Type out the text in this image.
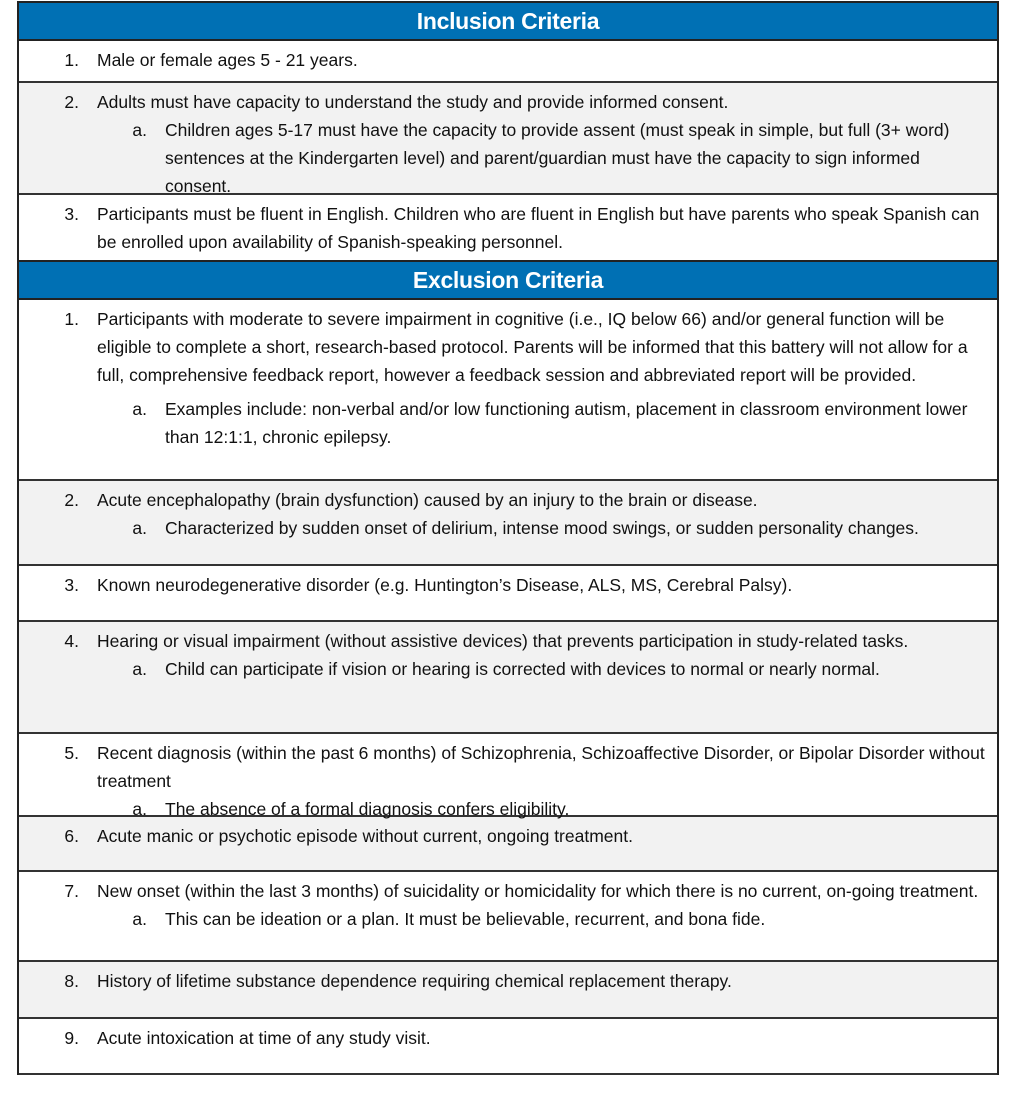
Inclusion Criteria
1.	Male or female ages 5 - 21 years.
2.	Adults must have capacity to understand the study and provide informed consent.
a.	Children ages 5-17 must have the capacity to provide assent (must speak in simple, but full (3+ word) sentences at the Kindergarten level) and parent/guardian must have the capacity to sign informed consent.
3.	Participants must be fluent in English. Children who are fluent in English but have parents who speak Spanish can be enrolled upon availability of Spanish-speaking personnel.
Exclusion Criteria
1.	Participants with moderate to severe impairment in cognitive (i.e., IQ below 66) and/or general function will be eligible to complete a short, research-based protocol. Parents will be informed that this battery will not allow for a full, comprehensive feedback report, however a feedback session and abbreviated report will be provided.
a.	Examples include: non-verbal and/or low functioning autism, placement in classroom environment lower than 12:1:1, chronic epilepsy.
2.	Acute encephalopathy (brain dysfunction) caused by an injury to the brain or disease.
a.	Characterized by sudden onset of delirium, intense mood swings, or sudden personality changes.
3.	Known neurodegenerative disorder (e.g. Huntington’s Disease, ALS, MS, Cerebral Palsy).
4.	Hearing or visual impairment (without assistive devices) that prevents participation in study-related tasks.
a.	Child can participate if vision or hearing is corrected with devices to normal or nearly normal.
5.	Recent diagnosis (within the past 6 months) of Schizophrenia, Schizoaffective Disorder, or Bipolar Disorder without treatment
a.	The absence of a formal diagnosis confers eligibility.
6.	Acute manic or psychotic episode without current, ongoing treatment.
7.	New onset (within the last 3 months) of suicidality or homicidality for which there is no current, on-going treatment.
a.	This can be ideation or a plan. It must be believable, recurrent, and bona fide.
8.	History of lifetime substance dependence requiring chemical replacement therapy.
9.	Acute intoxication at time of any study visit.
